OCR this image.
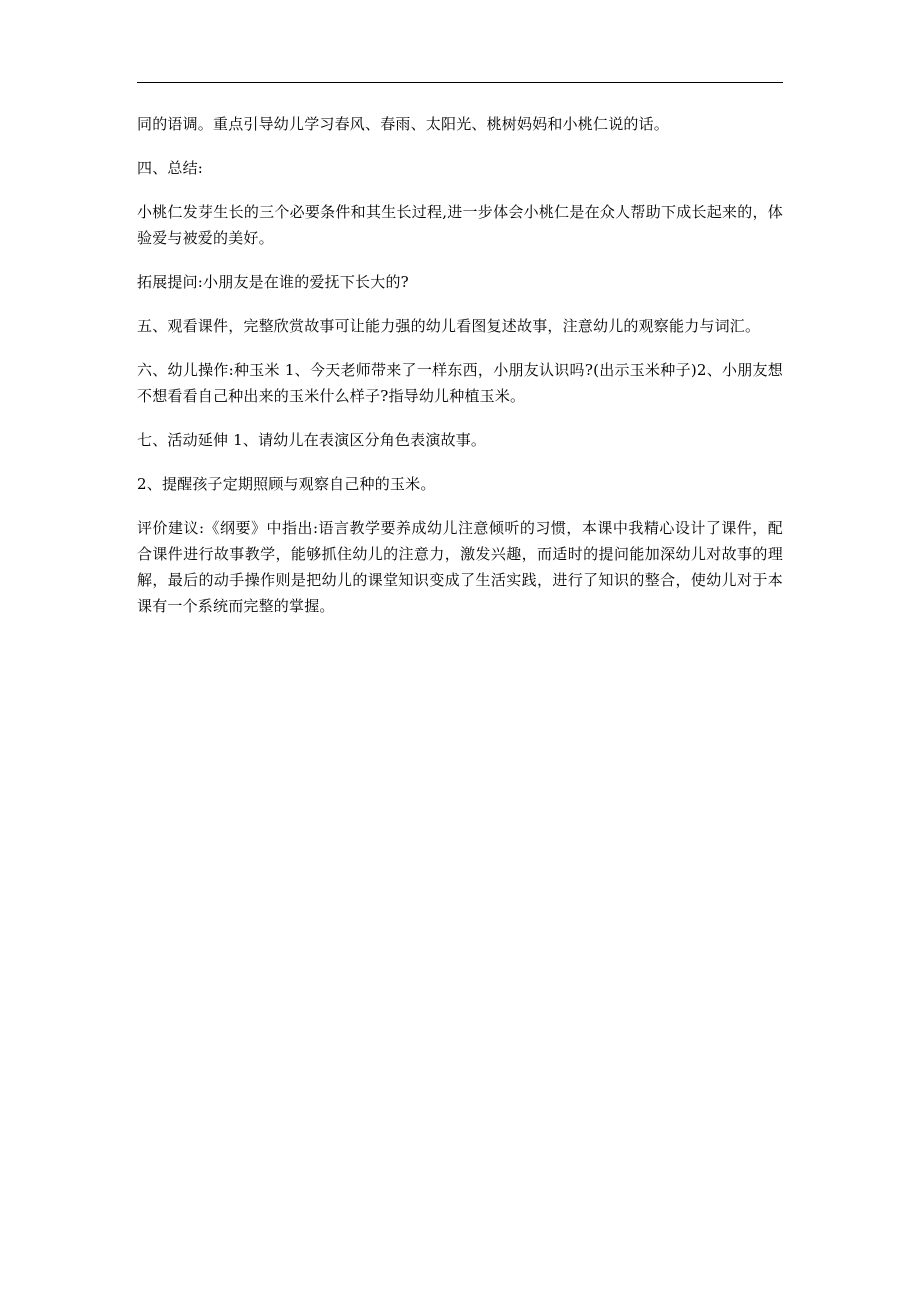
同的语调。重点引导幼儿学习春风、春雨、太阳光、桃树妈妈和小桃仁说的话。

四、总结:

小桃仁发芽生长的三个必要条件和其生长过程,进一步体会小桃仁是在众人帮助下成长起来的，体验爱与被爱的美好。

拓展提问:小朋友是在谁的爱抚下长大的?

五、观看课件，完整欣赏故事可让能力强的幼儿看图复述故事，注意幼儿的观察能力与词汇。

六、幼儿操作:种玉米 1、今天老师带来了一样东西，小朋友认识吗?(出示玉米种子)2、小朋友想不想看看自己种出来的玉米什么样子?指导幼儿种植玉米。

七、活动延伸 1、请幼儿在表演区分角色表演故事。

2、提醒孩子定期照顾与观察自己种的玉米。

评价建议:《纲要》中指出:语言教学要养成幼儿注意倾听的习惯，本课中我精心设计了课件，配合课件进行故事教学，能够抓住幼儿的注意力，激发兴趣，而适时的提问能加深幼儿对故事的理解，最后的动手操作则是把幼儿的课堂知识变成了生活实践，进行了知识的整合，使幼儿对于本课有一个系统而完整的掌握。
